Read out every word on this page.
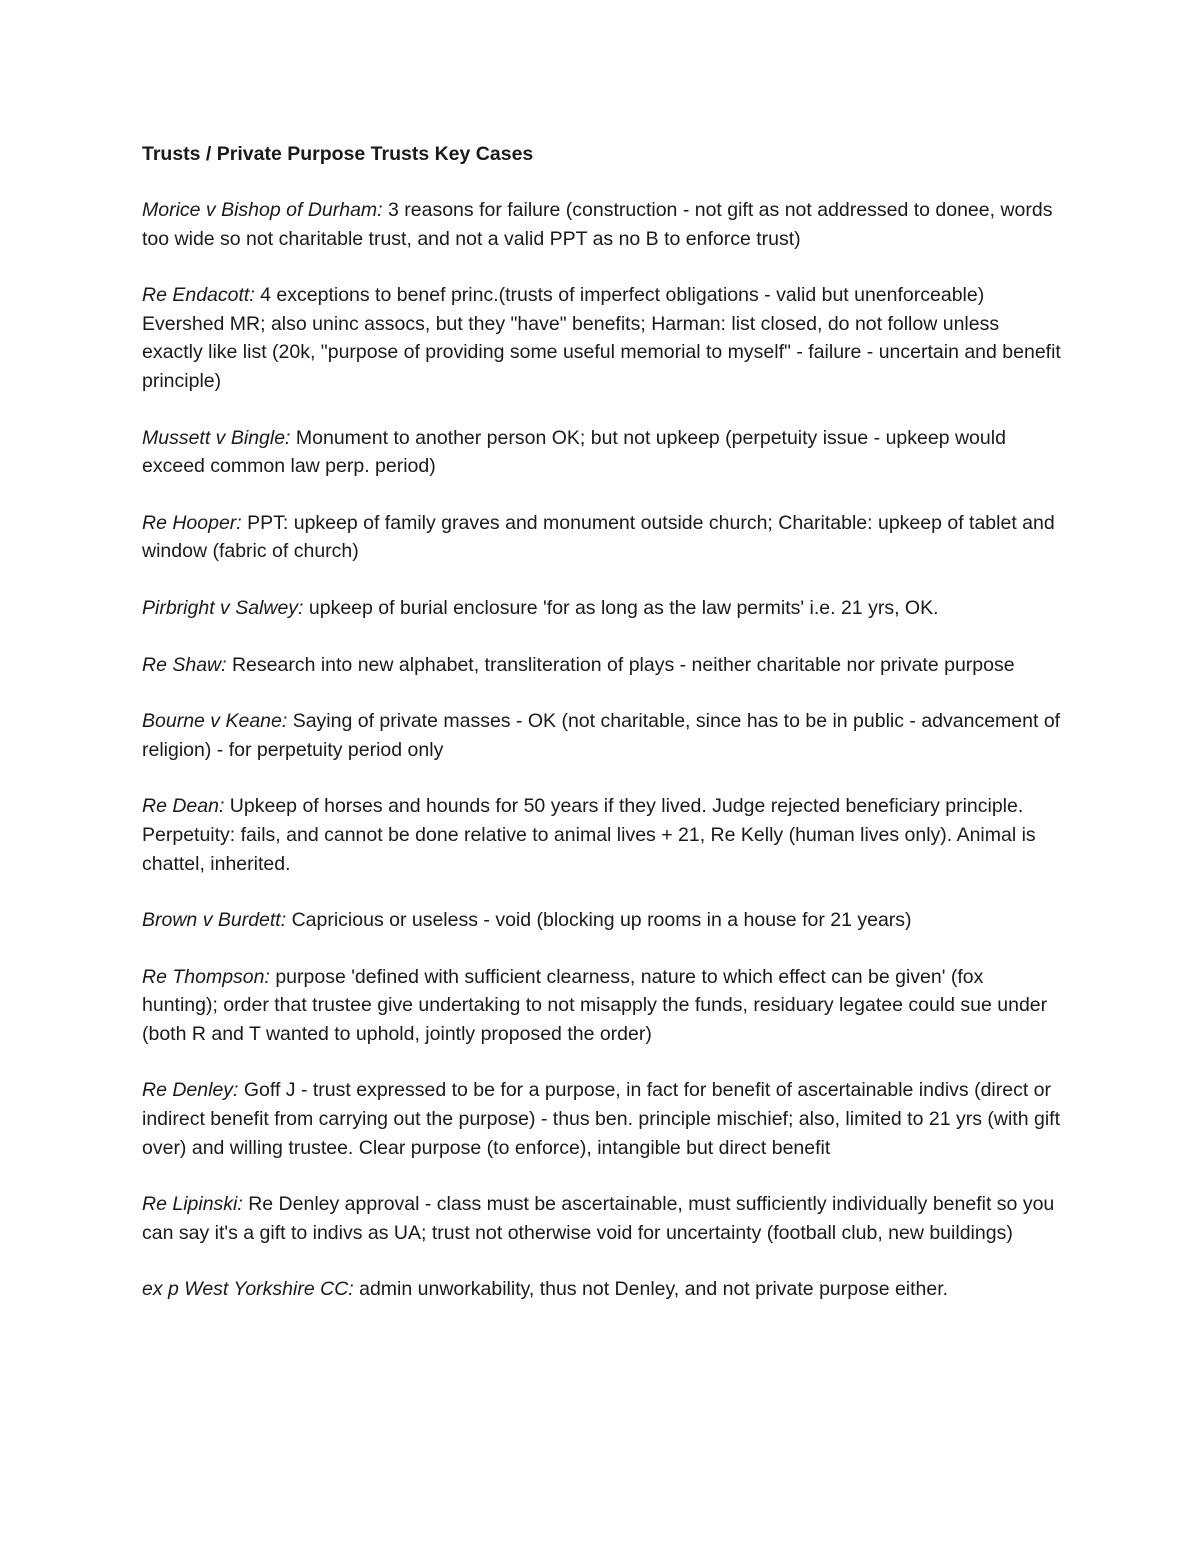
Trusts / Private Purpose Trusts Key Cases

Morice v Bishop of Durham: 3 reasons for failure (construction - not gift as not addressed to donee, words too wide so not charitable trust, and not a valid PPT as no B to enforce trust)

Re Endacott: 4 exceptions to benef princ.(trusts of imperfect obligations - valid but unenforceable) Evershed MR; also uninc assocs, but they "have" benefits; Harman: list closed, do not follow unless exactly like list (20k, "purpose of providing some useful memorial to myself" - failure - uncertain and benefit principle)

Mussett v Bingle: Monument to another person OK; but not upkeep (perpetuity issue - upkeep would exceed common law perp. period)

Re Hooper: PPT: upkeep of family graves and monument outside church; Charitable: upkeep of tablet and window (fabric of church)

Pirbright v Salwey: upkeep of burial enclosure 'for as long as the law permits' i.e. 21 yrs, OK.

Re Shaw: Research into new alphabet, transliteration of plays - neither charitable nor private purpose

Bourne v Keane: Saying of private masses - OK (not charitable, since has to be in public - advancement of religion) - for perpetuity period only

Re Dean: Upkeep of horses and hounds for 50 years if they lived. Judge rejected beneficiary principle. Perpetuity: fails, and cannot be done relative to animal lives + 21, Re Kelly (human lives only). Animal is chattel, inherited.

Brown v Burdett: Capricious or useless - void (blocking up rooms in a house for 21 years)

Re Thompson: purpose 'defined with sufficient clearness, nature to which effect can be given' (fox hunting); order that trustee give undertaking to not misapply the funds, residuary legatee could sue under (both R and T wanted to uphold, jointly proposed the order)

Re Denley: Goff J - trust expressed to be for a purpose, in fact for benefit of ascertainable indivs (direct or indirect benefit from carrying out the purpose) - thus ben. principle mischief; also, limited to 21 yrs (with gift over) and willing trustee. Clear purpose (to enforce), intangible but direct benefit

Re Lipinski: Re Denley approval - class must be ascertainable, must sufficiently individually benefit so you can say it's a gift to indivs as UA; trust not otherwise void for uncertainty (football club, new buildings)

ex p West Yorkshire CC: admin unworkability, thus not Denley, and not private purpose either.
